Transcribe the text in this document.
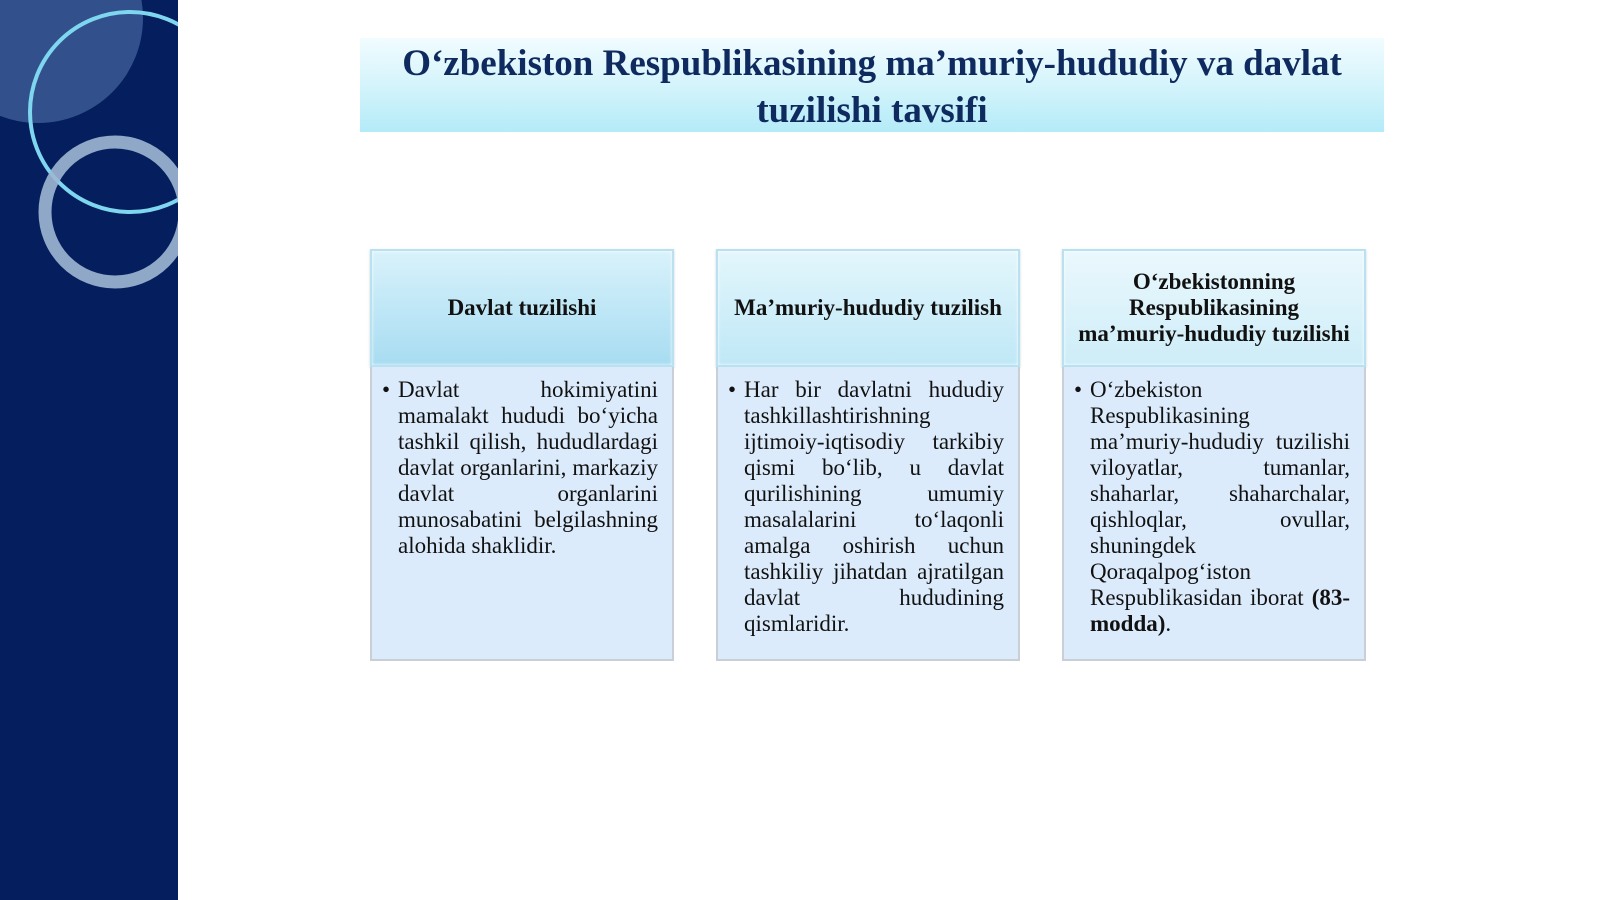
O‘zbekiston Respublikasining ma’muriy-hududiy va davlat tuzilishi tavsifi
Davlat tuzilishi
• Davlat hokimiyatini mamalakt hududi bo‘yicha tashkil qilish, hududlardagi davlat organlarini, markaziy davlat organlarini munosabatini belgilashning alohida shaklidir.

Ma’muriy-hududiy tuzilish
• Har bir davlatni hududiy tashkillashtirishning ijtimoiy-iqtisodiy tarkibiy qismi bo‘lib, u davlat qurilishining umumiy masalalarini to‘laqonli amalga oshirish uchun tashkiliy jihatdan ajratilgan davlat hududining qismlaridir.

O‘zbekistonning Respublikasining ma’muriy-hududiy tuzilishi
• O‘zbekiston Respublikasining ma’muriy-hududiy tuzilishi viloyatlar, tumanlar, shaharlar, shaharchalar, qishloqlar, ovullar, shuningdek Qoraqalpog‘iston Respublikasidan iborat (83-modda).
